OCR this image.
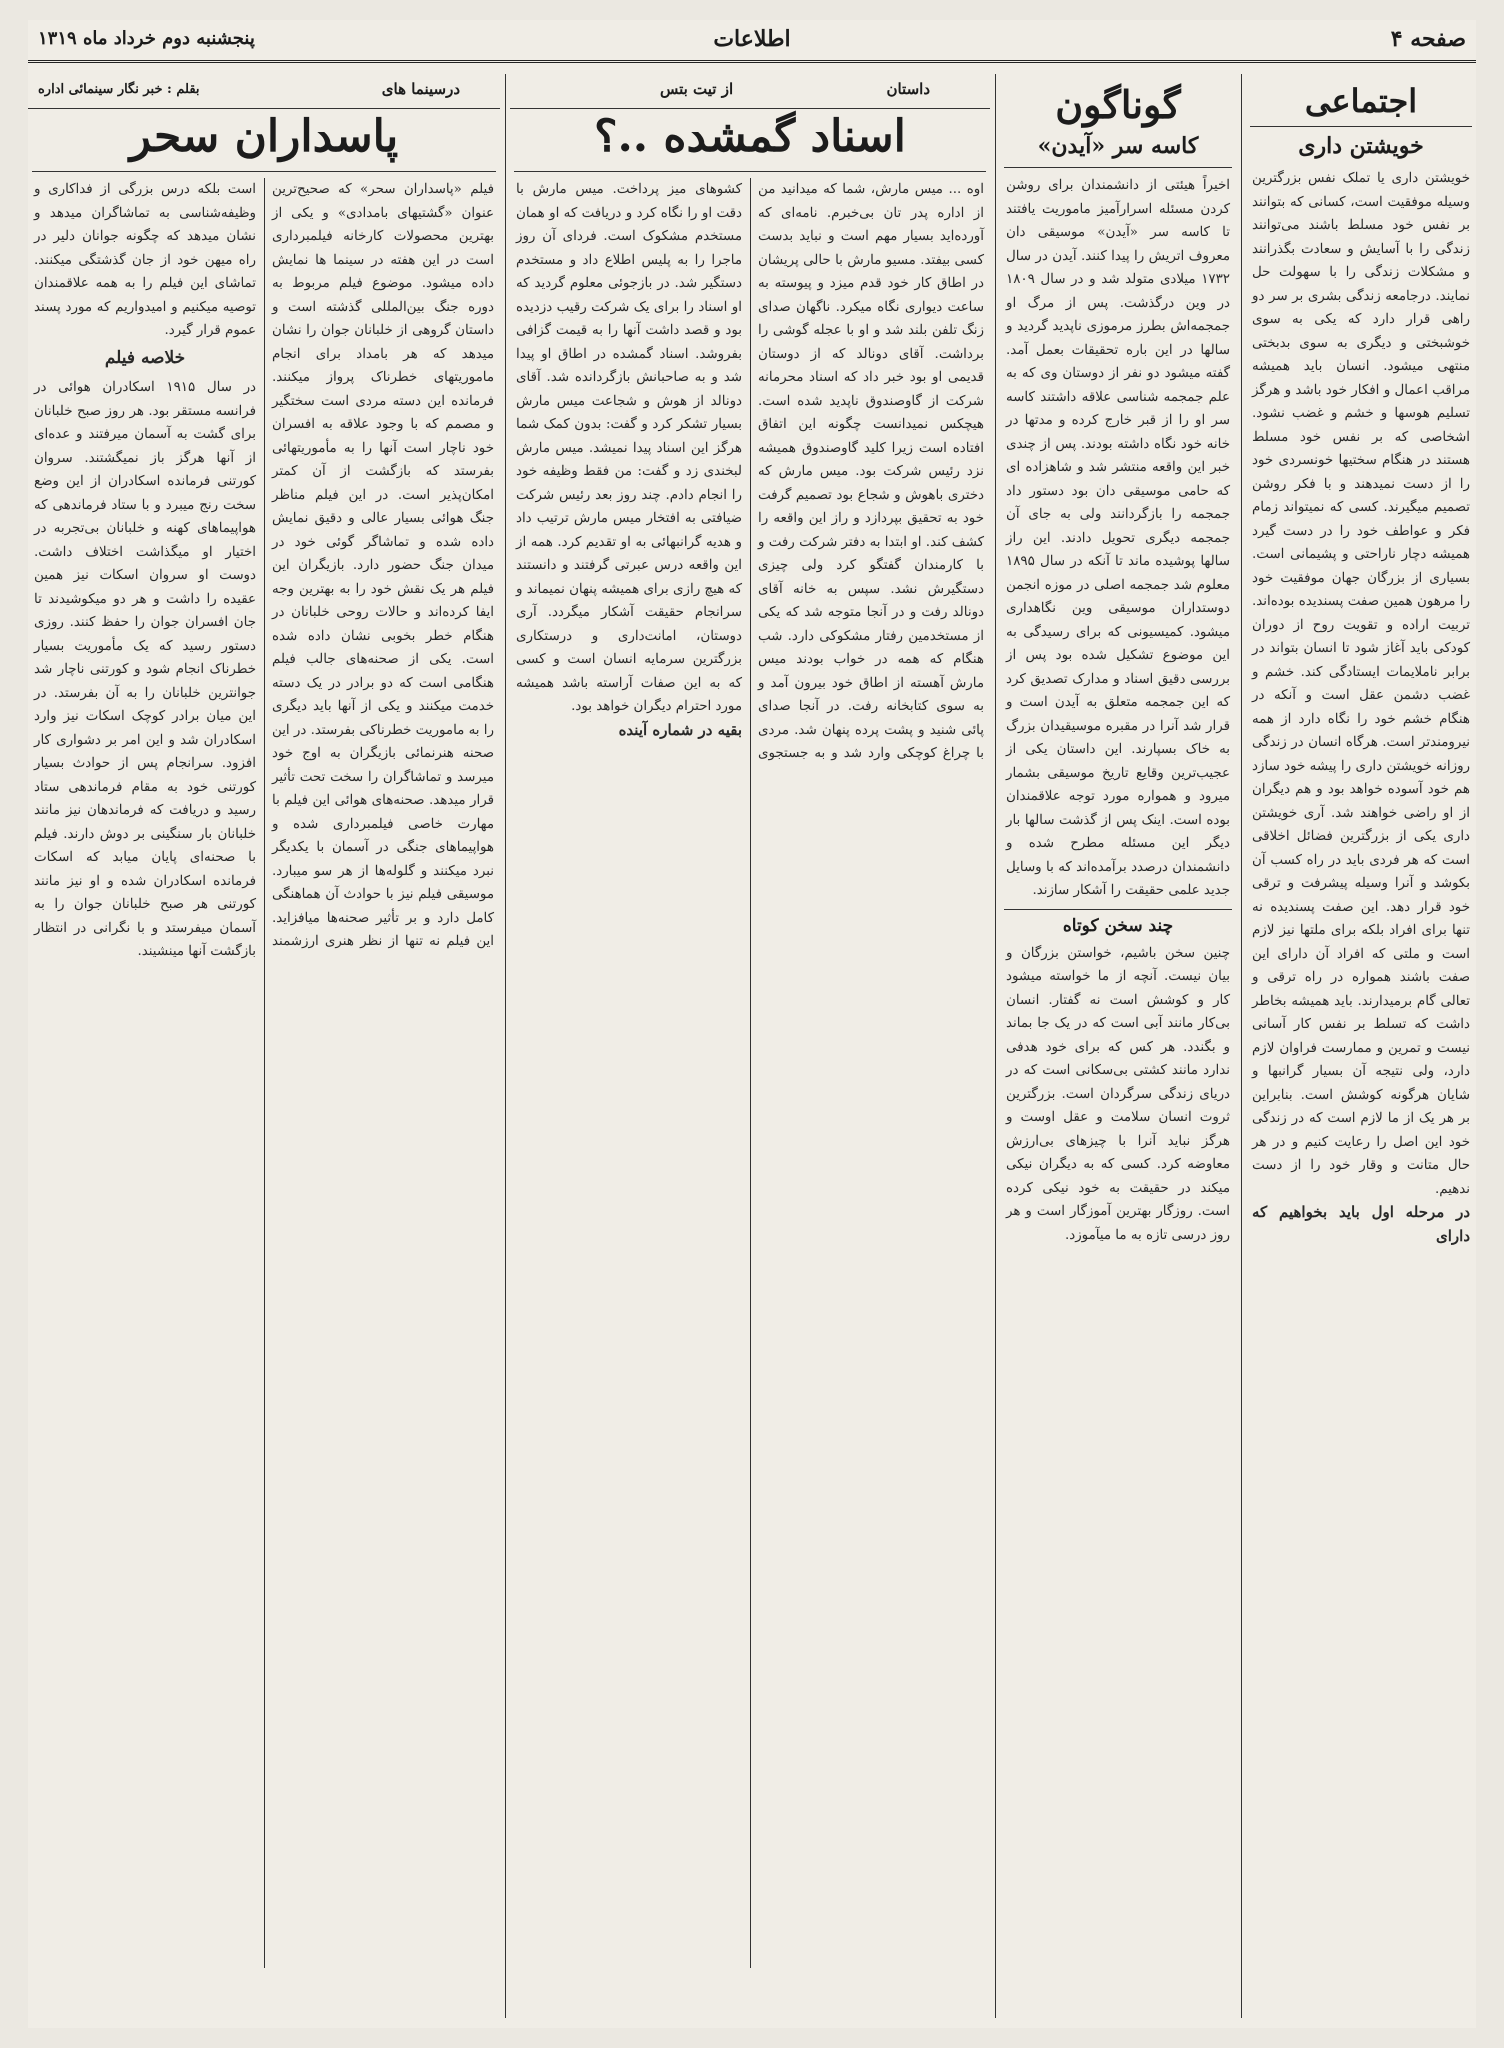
صفحه ۴
اطلاعات
پنجشنبه دوم خرداد ماه ۱۳۱۹
اجتماعی
خویشتن داری
خویشتن داری یا تملک نفس بزرگترین وسیله موفقیت است، کسانی که بتوانند بر نفس خود مسلط باشند می‌توانند زندگی را با آسایش و سعادت بگذرانند و مشکلات زندگی را با سهولت حل نمایند. درجامعه زندگی بشری بر سر دو راهی قرار دارد که یکی به سوی خوشبختی و دیگری به سوی بدبختی منتهی میشود. انسان باید همیشه مراقب اعمال و افکار خود باشد و هرگز تسلیم هوسها و خشم و غضب نشود. اشخاصی که بر نفس خود مسلط هستند در هنگام سختیها خونسردی خود را از دست نمیدهند و با فکر روشن تصمیم میگیرند. کسی که نمیتواند زمام فکر و عواطف خود را در دست گیرد همیشه دچار ناراحتی و پشیمانی است. بسیاری از بزرگان جهان موفقیت خود را مرهون همین صفت پسندیده بوده‌اند. تربیت اراده و تقویت روح از دوران کودکی باید آغاز شود تا انسان بتواند در برابر ناملایمات ایستادگی کند. خشم و غضب دشمن عقل است و آنکه در هنگام خشم خود را نگاه دارد از همه نیرومندتر است. هرگاه انسان در زندگی روزانه خویشتن داری را پیشه خود سازد هم خود آسوده خواهد بود و هم دیگران از او راضی خواهند شد. آری خویشتن داری یکی از بزرگترین فضائل اخلاقی است که هر فردی باید در راه کسب آن بکوشد و آنرا وسیله پیشرفت و ترقی خود قرار دهد. این صفت پسندیده نه تنها برای افراد بلکه برای ملتها نیز لازم است و ملتی که افراد آن دارای این صفت باشند همواره در راه ترقی و تعالی گام برمیدارند. باید همیشه بخاطر داشت که تسلط بر نفس کار آسانی نیست و تمرین و ممارست فراوان لازم دارد، ولی نتیجه آن بسیار گرانبها و شایان هرگونه کوشش است. بنابراین بر هر یک از ما لازم است که در زندگی خود این اصل را رعایت کنیم و در هر حال متانت و وقار خود را از دست ندهیم.
در مرحله اول باید بخواهیم که دارای
گوناگون
کاسه سر «آیدن»
اخیراً هیئتی از دانشمندان برای روشن کردن مسئله اسرارآمیز ماموریت یافتند تا کاسه سر «آیدن» موسیقی دان معروف اتریش را پیدا کنند. آیدن در سال ۱۷۳۲ میلادی متولد شد و در سال ۱۸۰۹ در وین درگذشت. پس از مرگ او جمجمه‌اش بطرز مرموزی ناپدید گردید و سالها در این باره تحقیقات بعمل آمد. گفته میشود دو نفر از دوستان وی که به علم جمجمه شناسی علاقه داشتند کاسه سر او را از قبر خارج کرده و مدتها در خانه خود نگاه داشته بودند. پس از چندی خبر این واقعه منتشر شد و شاهزاده ای که حامی موسیقی دان بود دستور داد جمجمه را بازگردانند ولی به جای آن جمجمه دیگری تحویل دادند. این راز سالها پوشیده ماند تا آنکه در سال ۱۸۹۵ معلوم شد جمجمه اصلی در موزه انجمن دوستداران موسیقی وین نگاهداری میشود. کمیسیونی که برای رسیدگی به این موضوع تشکیل شده بود پس از بررسی دقیق اسناد و مدارک تصدیق کرد که این جمجمه متعلق به آیدن است و قرار شد آنرا در مقبره موسیقیدان بزرگ به خاک بسپارند. این داستان یکی از عجیب‌ترین وقایع تاریخ موسیقی بشمار میرود و همواره مورد توجه علاقمندان بوده است. اینک پس از گذشت سالها بار دیگر این مسئله مطرح شده و دانشمندان درصدد برآمده‌اند که با وسایل جدید علمی حقیقت را آشکار سازند.
چند سخن کوتاه
چنین سخن باشیم، خواستن بزرگان و بیان نیست. آنچه از ما خواسته میشود کار و کوشش است نه گفتار. انسان بی‌کار مانند آبی است که در یک جا بماند و بگندد. هر کس که برای خود هدفی ندارد مانند کشتی بی‌سکانی است که در دریای زندگی سرگردان است. بزرگترین ثروت انسان سلامت و عقل اوست و هرگز نباید آنرا با چیزهای بی‌ارزش معاوضه کرد. کسی که به دیگران نیکی میکند در حقیقت به خود نیکی کرده است. روزگار بهترین آموزگار است و هر روز درسی تازه به ما میآموزد.
داستان
از تیت بتس
اسناد گمشده ..؟
اوه ... میس مارش، شما که میدانید من از اداره پدر تان بی‌خبرم. نامه‌ای که آورده‌اید بسیار مهم است و نباید بدست کسی بیفتد. مسیو مارش با حالی پریشان در اطاق کار خود قدم میزد و پیوسته به ساعت دیواری نگاه میکرد. ناگهان صدای زنگ تلفن بلند شد و او با عجله گوشی را برداشت. آقای دونالد که از دوستان قدیمی او بود خبر داد که اسناد محرمانه شرکت از گاوصندوق ناپدید شده است. هیچکس نمیدانست چگونه این اتفاق افتاده است زیرا کلید گاوصندوق همیشه نزد رئیس شرکت بود. میس مارش که دختری باهوش و شجاع بود تصمیم گرفت خود به تحقیق بپردازد و راز این واقعه را کشف کند. او ابتدا به دفتر شرکت رفت و با کارمندان گفتگو کرد ولی چیزی دستگیرش نشد. سپس به خانه آقای دونالد رفت و در آنجا متوجه شد که یکی از مستخدمین رفتار مشکوکی دارد. شب هنگام که همه در خواب بودند میس مارش آهسته از اطاق خود بیرون آمد و به سوی کتابخانه رفت. در آنجا صدای پائی شنید و پشت پرده پنهان شد. مردی با چراغ کوچکی وارد شد و به جستجوی کشوهای میز پرداخت. میس مارش با دقت او را نگاه کرد و دریافت که او همان مستخدم مشکوک است. فردای آن روز ماجرا را به پلیس اطلاع داد و مستخدم دستگیر شد. در بازجوئی معلوم گردید که او اسناد را برای یک شرکت رقیب دزدیده بود و قصد داشت آنها را به قیمت گزافی بفروشد. اسناد گمشده در اطاق او پیدا شد و به صاحبانش بازگردانده شد. آقای دونالد از هوش و شجاعت میس مارش بسیار تشکر کرد و گفت: بدون کمک شما هرگز این اسناد پیدا نمیشد. میس مارش لبخندی زد و گفت: من فقط وظیفه خود را انجام دادم. چند روز بعد رئیس شرکت ضیافتی به افتخار میس مارش ترتیب داد و هدیه گرانبهائی به او تقدیم کرد. همه از این واقعه درس عبرتی گرفتند و دانستند که هیچ رازی برای همیشه پنهان نمیماند و سرانجام حقیقت آشکار میگردد. آری دوستان، امانت‌داری و درستکاری بزرگترین سرمایه انسان است و کسی که به این صفات آراسته باشد همیشه مورد احترام دیگران خواهد بود.
بقیه در شماره آینده
درسینما های
بقلم : خبر نگار سینمائی اداره
پاسداران سحر
فیلم «پاسداران سحر» که صحیح‌ترین عنوان «گشتیهای بامدادی» و یکی از بهترین محصولات کارخانه فیلمبرداری است در این هفته در سینما ها نمایش داده میشود. موضوع فیلم مربوط به دوره جنگ بین‌المللی گذشته است و داستان گروهی از خلبانان جوان را نشان میدهد که هر بامداد برای انجام ماموریتهای خطرناک پرواز میکنند. فرمانده این دسته مردی است سختگیر و مصمم که با وجود علاقه به افسران خود ناچار است آنها را به مأموریتهائی بفرستد که بازگشت از آن کمتر امکان‌پذیر است. در این فیلم مناظر جنگ هوائی بسیار عالی و دقیق نمایش داده شده و تماشاگر گوئی خود در میدان جنگ حضور دارد. بازیگران این فیلم هر یک نقش خود را به بهترین وجه ایفا کرده‌اند و حالات روحی خلبانان در هنگام خطر بخوبی نشان داده شده است. یکی از صحنه‌های جالب فیلم هنگامی است که دو برادر در یک دسته خدمت میکنند و یکی از آنها باید دیگری را به ماموریت خطرناکی بفرستد. در این صحنه هنرنمائی بازیگران به اوج خود میرسد و تماشاگران را سخت تحت تأثیر قرار میدهد. صحنه‌های هوائی این فیلم با مهارت خاصی فیلمبرداری شده و هواپیماهای جنگی در آسمان با یکدیگر نبرد میکنند و گلوله‌ها از هر سو میبارد. موسیقی فیلم نیز با حوادث آن هماهنگی کامل دارد و بر تأثیر صحنه‌ها میافزاید. این فیلم نه تنها از نظر هنری ارزشمند است بلکه درس بزرگی از فداکاری و وظیفه‌شناسی به تماشاگران میدهد و نشان میدهد که چگونه جوانان دلیر در راه میهن خود از جان گذشتگی میکنند. تماشای این فیلم را به همه علاقمندان توصیه میکنیم و امیدواریم که مورد پسند عموم قرار گیرد.
خلاصه فیلم
در سال ۱۹۱۵ اسکادران هوائی در فرانسه مستقر بود. هر روز صبح خلبانان برای گشت به آسمان میرفتند و عده‌ای از آنها هرگز باز نمیگشتند. سروان کورتنی فرمانده اسکادران از این وضع سخت رنج میبرد و با ستاد فرماندهی که هواپیماهای کهنه و خلبانان بی‌تجربه در اختیار او میگذاشت اختلاف داشت. دوست او سروان اسکات نیز همین عقیده را داشت و هر دو میکوشیدند تا جان افسران جوان را حفظ کنند. روزی دستور رسید که یک مأموریت بسیار خطرناک انجام شود و کورتنی ناچار شد جوانترین خلبانان را به آن بفرستد. در این میان برادر کوچک اسکات نیز وارد اسکادران شد و این امر بر دشواری کار افزود. سرانجام پس از حوادث بسیار کورتنی خود به مقام فرماندهی ستاد رسید و دریافت که فرماندهان نیز مانند خلبانان بار سنگینی بر دوش دارند. فیلم با صحنه‌ای پایان میابد که اسکات فرمانده اسکادران شده و او نیز مانند کورتنی هر صبح خلبانان جوان را به آسمان میفرستد و با نگرانی در انتظار بازگشت آنها مینشیند.
